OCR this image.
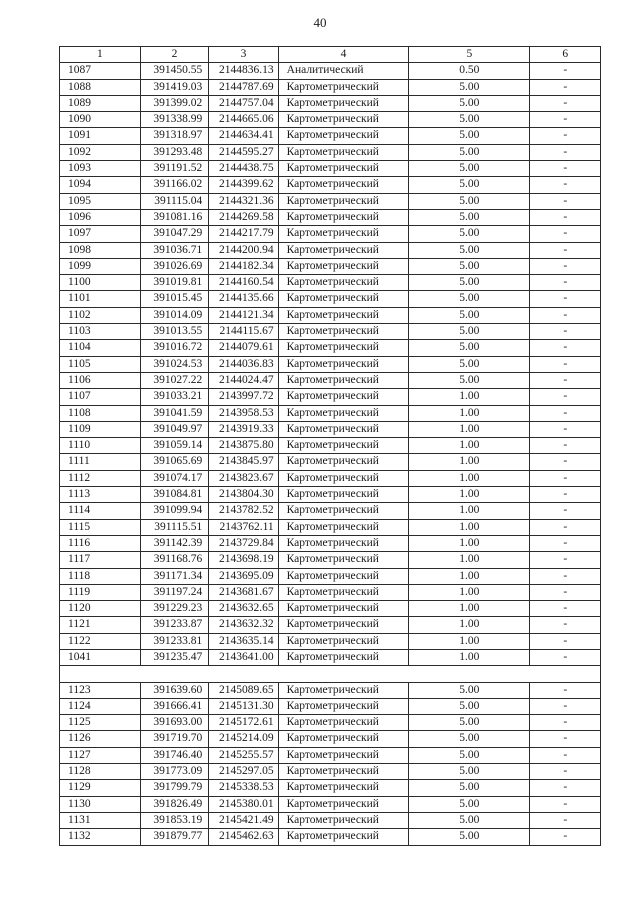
40
1	2	3	4	5	6
1087	391450.55	2144836.13	Аналитический	0.50	-
1088	391419.03	2144787.69	Картометрический	5.00	-
1089	391399.02	2144757.04	Картометрический	5.00	-
1090	391338.99	2144665.06	Картометрический	5.00	-
1091	391318.97	2144634.41	Картометрический	5.00	-
1092	391293.48	2144595.27	Картометрический	5.00	-
1093	391191.52	2144438.75	Картометрический	5.00	-
1094	391166.02	2144399.62	Картометрический	5.00	-
1095	391115.04	2144321.36	Картометрический	5.00	-
1096	391081.16	2144269.58	Картометрический	5.00	-
1097	391047.29	2144217.79	Картометрический	5.00	-
1098	391036.71	2144200.94	Картометрический	5.00	-
1099	391026.69	2144182.34	Картометрический	5.00	-
1100	391019.81	2144160.54	Картометрический	5.00	-
1101	391015.45	2144135.66	Картометрический	5.00	-
1102	391014.09	2144121.34	Картометрический	5.00	-
1103	391013.55	2144115.67	Картометрический	5.00	-
1104	391016.72	2144079.61	Картометрический	5.00	-
1105	391024.53	2144036.83	Картометрический	5.00	-
1106	391027.22	2144024.47	Картометрический	5.00	-
1107	391033.21	2143997.72	Картометрический	1.00	-
1108	391041.59	2143958.53	Картометрический	1.00	-
1109	391049.97	2143919.33	Картометрический	1.00	-
1110	391059.14	2143875.80	Картометрический	1.00	-
1111	391065.69	2143845.97	Картометрический	1.00	-
1112	391074.17	2143823.67	Картометрический	1.00	-
1113	391084.81	2143804.30	Картометрический	1.00	-
1114	391099.94	2143782.52	Картометрический	1.00	-
1115	391115.51	2143762.11	Картометрический	1.00	-
1116	391142.39	2143729.84	Картометрический	1.00	-
1117	391168.76	2143698.19	Картометрический	1.00	-
1118	391171.34	2143695.09	Картометрический	1.00	-
1119	391197.24	2143681.67	Картометрический	1.00	-
1120	391229.23	2143632.65	Картометрический	1.00	-
1121	391233.87	2143632.32	Картометрический	1.00	-
1122	391233.81	2143635.14	Картометрический	1.00	-
1041	391235.47	2143641.00	Картометрический	1.00	-

1123	391639.60	2145089.65	Картометрический	5.00	-
1124	391666.41	2145131.30	Картометрический	5.00	-
1125	391693.00	2145172.61	Картометрический	5.00	-
1126	391719.70	2145214.09	Картометрический	5.00	-
1127	391746.40	2145255.57	Картометрический	5.00	-
1128	391773.09	2145297.05	Картометрический	5.00	-
1129	391799.79	2145338.53	Картометрический	5.00	-
1130	391826.49	2145380.01	Картометрический	5.00	-
1131	391853.19	2145421.49	Картометрический	5.00	-
1132	391879.77	2145462.63	Картометрический	5.00	-
